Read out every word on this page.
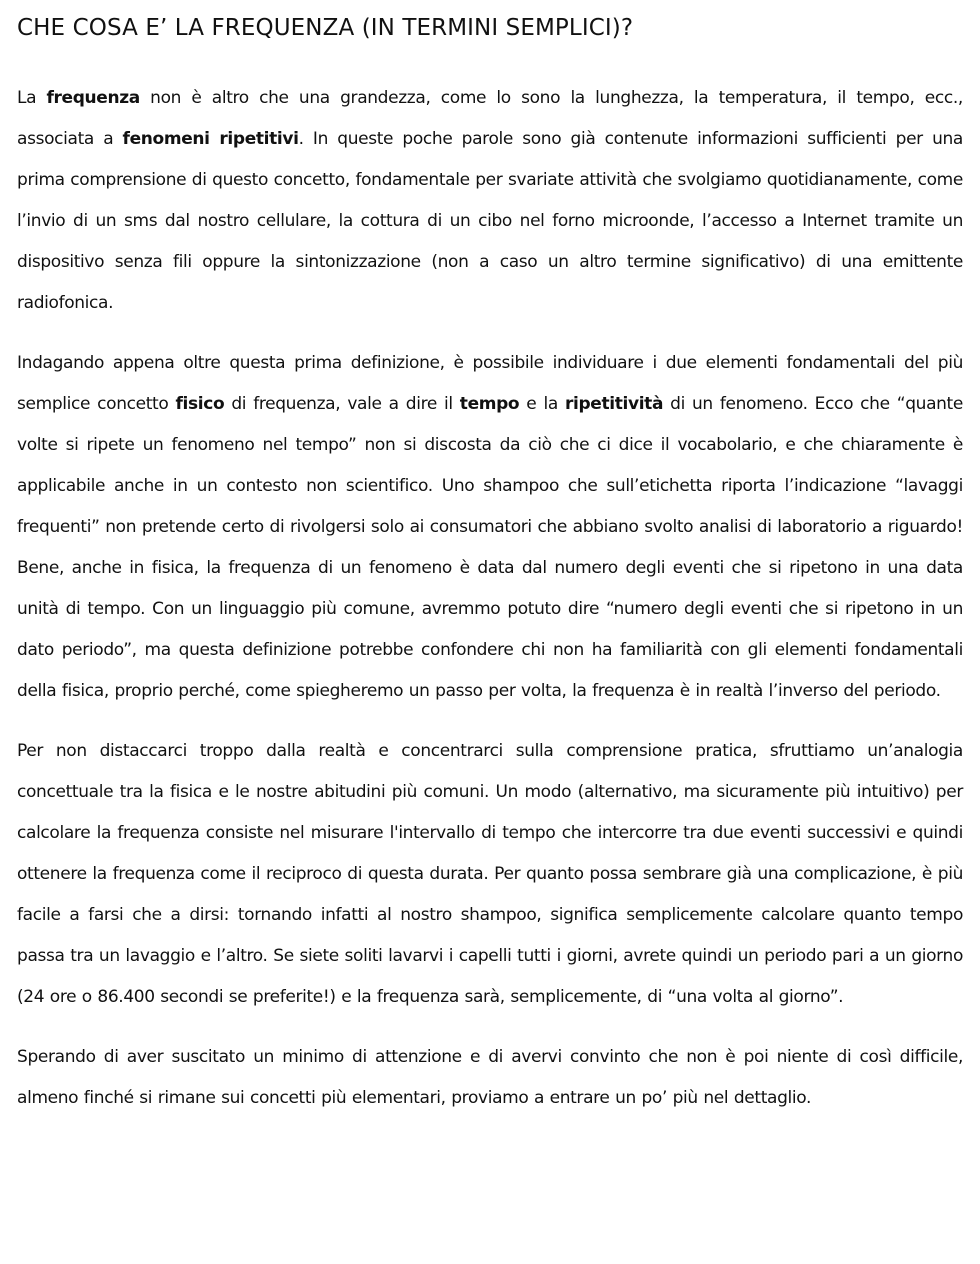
CHE COSA E’ LA FREQUENZA (IN TERMINI SEMPLICI)?

La frequenza non è altro che una grandezza, come lo sono la lunghezza, la temperatura, il tempo, ecc., associata a fenomeni ripetitivi. In queste poche parole sono già contenute informazioni sufficienti per una prima comprensione di questo concetto, fondamentale per svariate attività che svolgiamo quotidianamente, come l’invio di un sms dal nostro cellulare, la cottura di un cibo nel forno microonde, l’accesso a Internet tramite un dispositivo senza fili oppure la sintonizzazione (non a caso un altro termine significativo) di una emittente radiofonica.

Indagando appena oltre questa prima definizione, è possibile individuare i due elementi fondamentali del più semplice concetto fisico di frequenza, vale a dire il tempo e la ripetitività di un fenomeno. Ecco che “quante volte si ripete un fenomeno nel tempo” non si discosta da ciò che ci dice il vocabolario, e che chiaramente è applicabile anche in un contesto non scientifico. Uno shampoo che sull’etichetta riporta l’indicazione “lavaggi frequenti” non pretende certo di rivolgersi solo ai consumatori che abbiano svolto analisi di laboratorio a riguardo! Bene, anche in fisica, la frequenza di un fenomeno è data dal numero degli eventi che si ripetono in una data unità di tempo. Con un linguaggio più comune, avremmo potuto dire “numero degli eventi che si ripetono in un dato periodo”, ma questa definizione potrebbe confondere chi non ha familiarità con gli elementi fondamentali della fisica, proprio perché, come spiegheremo un passo per volta, la frequenza è in realtà l’inverso del periodo.

Per non distaccarci troppo dalla realtà e concentrarci sulla comprensione pratica, sfruttiamo un’analogia concettuale tra la fisica e le nostre abitudini più comuni. Un modo (alternativo, ma sicuramente più intuitivo) per calcolare la frequenza consiste nel misurare l'intervallo di tempo che intercorre tra due eventi successivi e quindi ottenere la frequenza come il reciproco di questa durata. Per quanto possa sembrare già una complicazione, è più facile a farsi che a dirsi: tornando infatti al nostro shampoo, significa semplicemente calcolare quanto tempo passa tra un lavaggio e l’altro. Se siete soliti lavarvi i capelli tutti i giorni, avrete quindi un periodo pari a un giorno (24 ore o 86.400 secondi se preferite!) e la frequenza sarà, semplicemente, di “una volta al giorno”.

Sperando di aver suscitato un minimo di attenzione e di avervi convinto che non è poi niente di così difficile, almeno finché si rimane sui concetti più elementari, proviamo a entrare un po’ più nel dettaglio.
